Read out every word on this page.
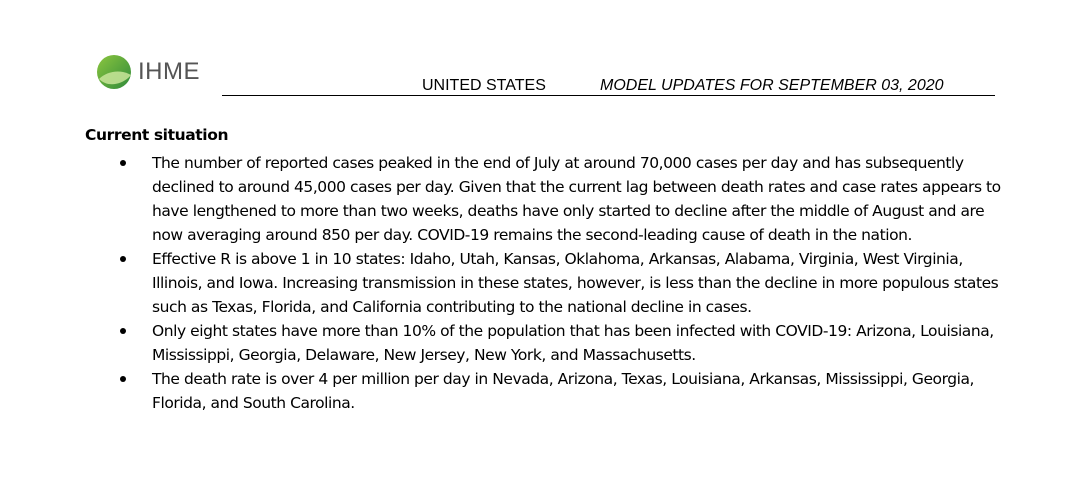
IHME
UNITED STATES	MODEL UPDATES FOR SEPTEMBER 03, 2020
Current situation
The number of reported cases peaked in the end of July at around 70,000 cases per day and has subsequently declined to around 45,000 cases per day. Given that the current lag between death rates and case rates appears to have lengthened to more than two weeks, deaths have only started to decline after the middle of August and are now averaging around 850 per day. COVID-19 remains the second-leading cause of death in the nation.
Effective R is above 1 in 10 states: Idaho, Utah, Kansas, Oklahoma, Arkansas, Alabama, Virginia, West Virginia, Illinois, and Iowa. Increasing transmission in these states, however, is less than the decline in more populous states such as Texas, Florida, and California contributing to the national decline in cases.
Only eight states have more than 10% of the population that has been infected with COVID-19: Arizona, Louisiana, Mississippi, Georgia, Delaware, New Jersey, New York, and Massachusetts.
The death rate is over 4 per million per day in Nevada, Arizona, Texas, Louisiana, Arkansas, Mississippi, Georgia, Florida, and South Carolina.
